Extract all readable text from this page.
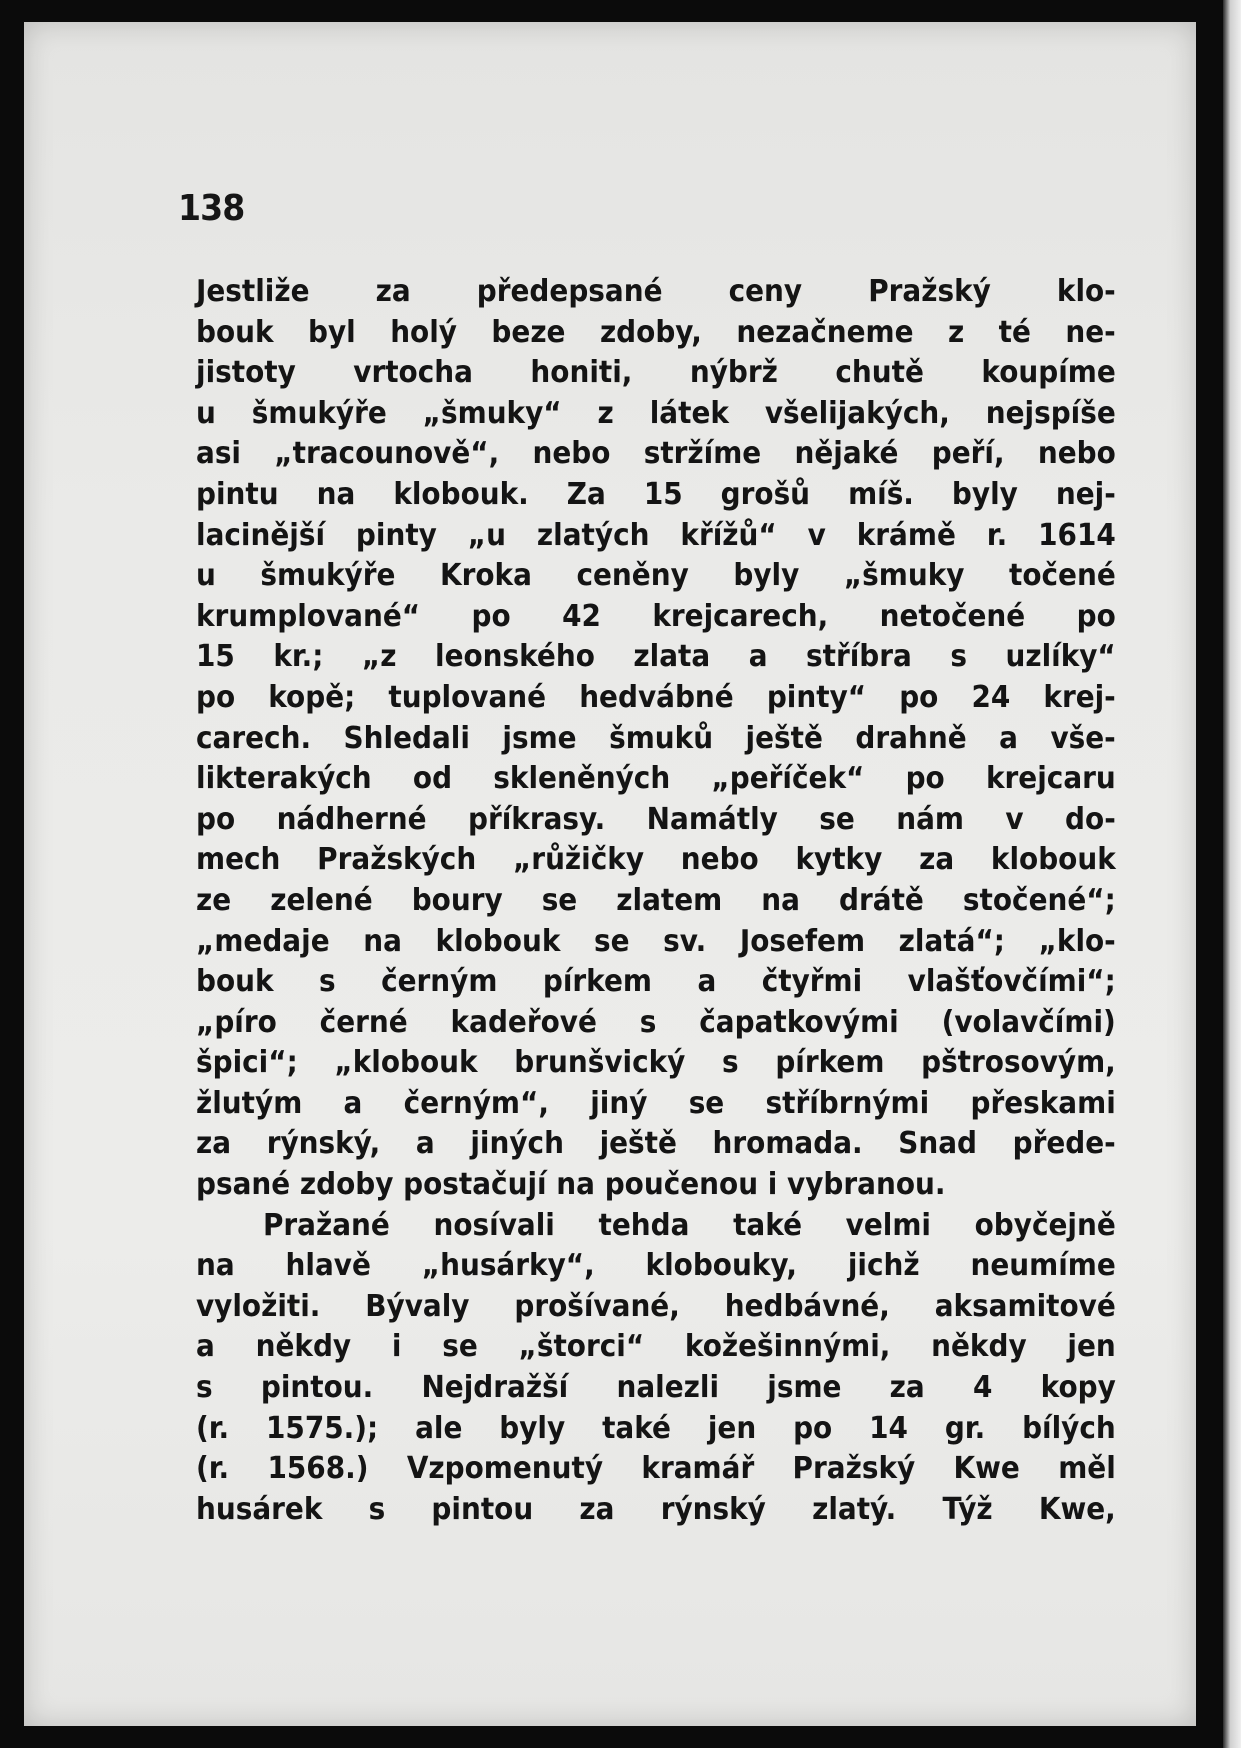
138
Jestliže za předepsané ceny Pražský klo-
bouk byl holý beze zdoby, nezačneme z té ne-
jistoty vrtocha honiti, nýbrž chutě koupíme
u šmukýře „šmuky“ z látek všelijakých, nejspíše
asi „tracounově“, nebo stržíme nějaké peří, nebo
pintu na klobouk. Za 15 grošů míš. byly nej-
lacinější pinty „u zlatých křížů“ v krámě r. 1614
u šmukýře Kroka ceněny byly „šmuky točené
krumplované“ po 42 krejcarech, netočené po
15 kr.; „z leonského zlata a stříbra s uzlíky“
po kopě; tuplované hedvábné pinty“ po 24 krej-
carech. Shledali jsme šmuků ještě drahně a vše-
likterakých od skleněných „peříček“ po krejcaru
po nádherné příkrasy. Namátly se nám v do-
mech Pražských „růžičky nebo kytky za klobouk
ze zelené boury se zlatem na drátě stočené“;
„medaje na klobouk se sv. Josefem zlatá“; „klo-
bouk s černým pírkem a čtyřmi vlašťovčími“;
„píro černé kadeřové s čapatkovými (volavčími)
špici“; „klobouk brunšvický s pírkem pštrosovým,
žlutým a černým“, jiný se stříbrnými přeskami
za rýnský, a jiných ještě hromada. Snad přede-
psané zdoby postačují na poučenou i vybranou.
Pražané nosívali tehda také velmi obyčejně
na hlavě „husárky“, klobouky, jichž neumíme
vyložiti. Bývaly prošívané, hedbávné, aksamitové
a někdy i se „štorci“ kožešinnými, někdy jen
s pintou. Nejdražší nalezli jsme za 4 kopy
(r. 1575.); ale byly také jen po 14 gr. bílých
(r. 1568.) Vzpomenutý kramář Pražský Kwe měl
husárek s pintou za rýnský zlatý. Týž Kwe,
